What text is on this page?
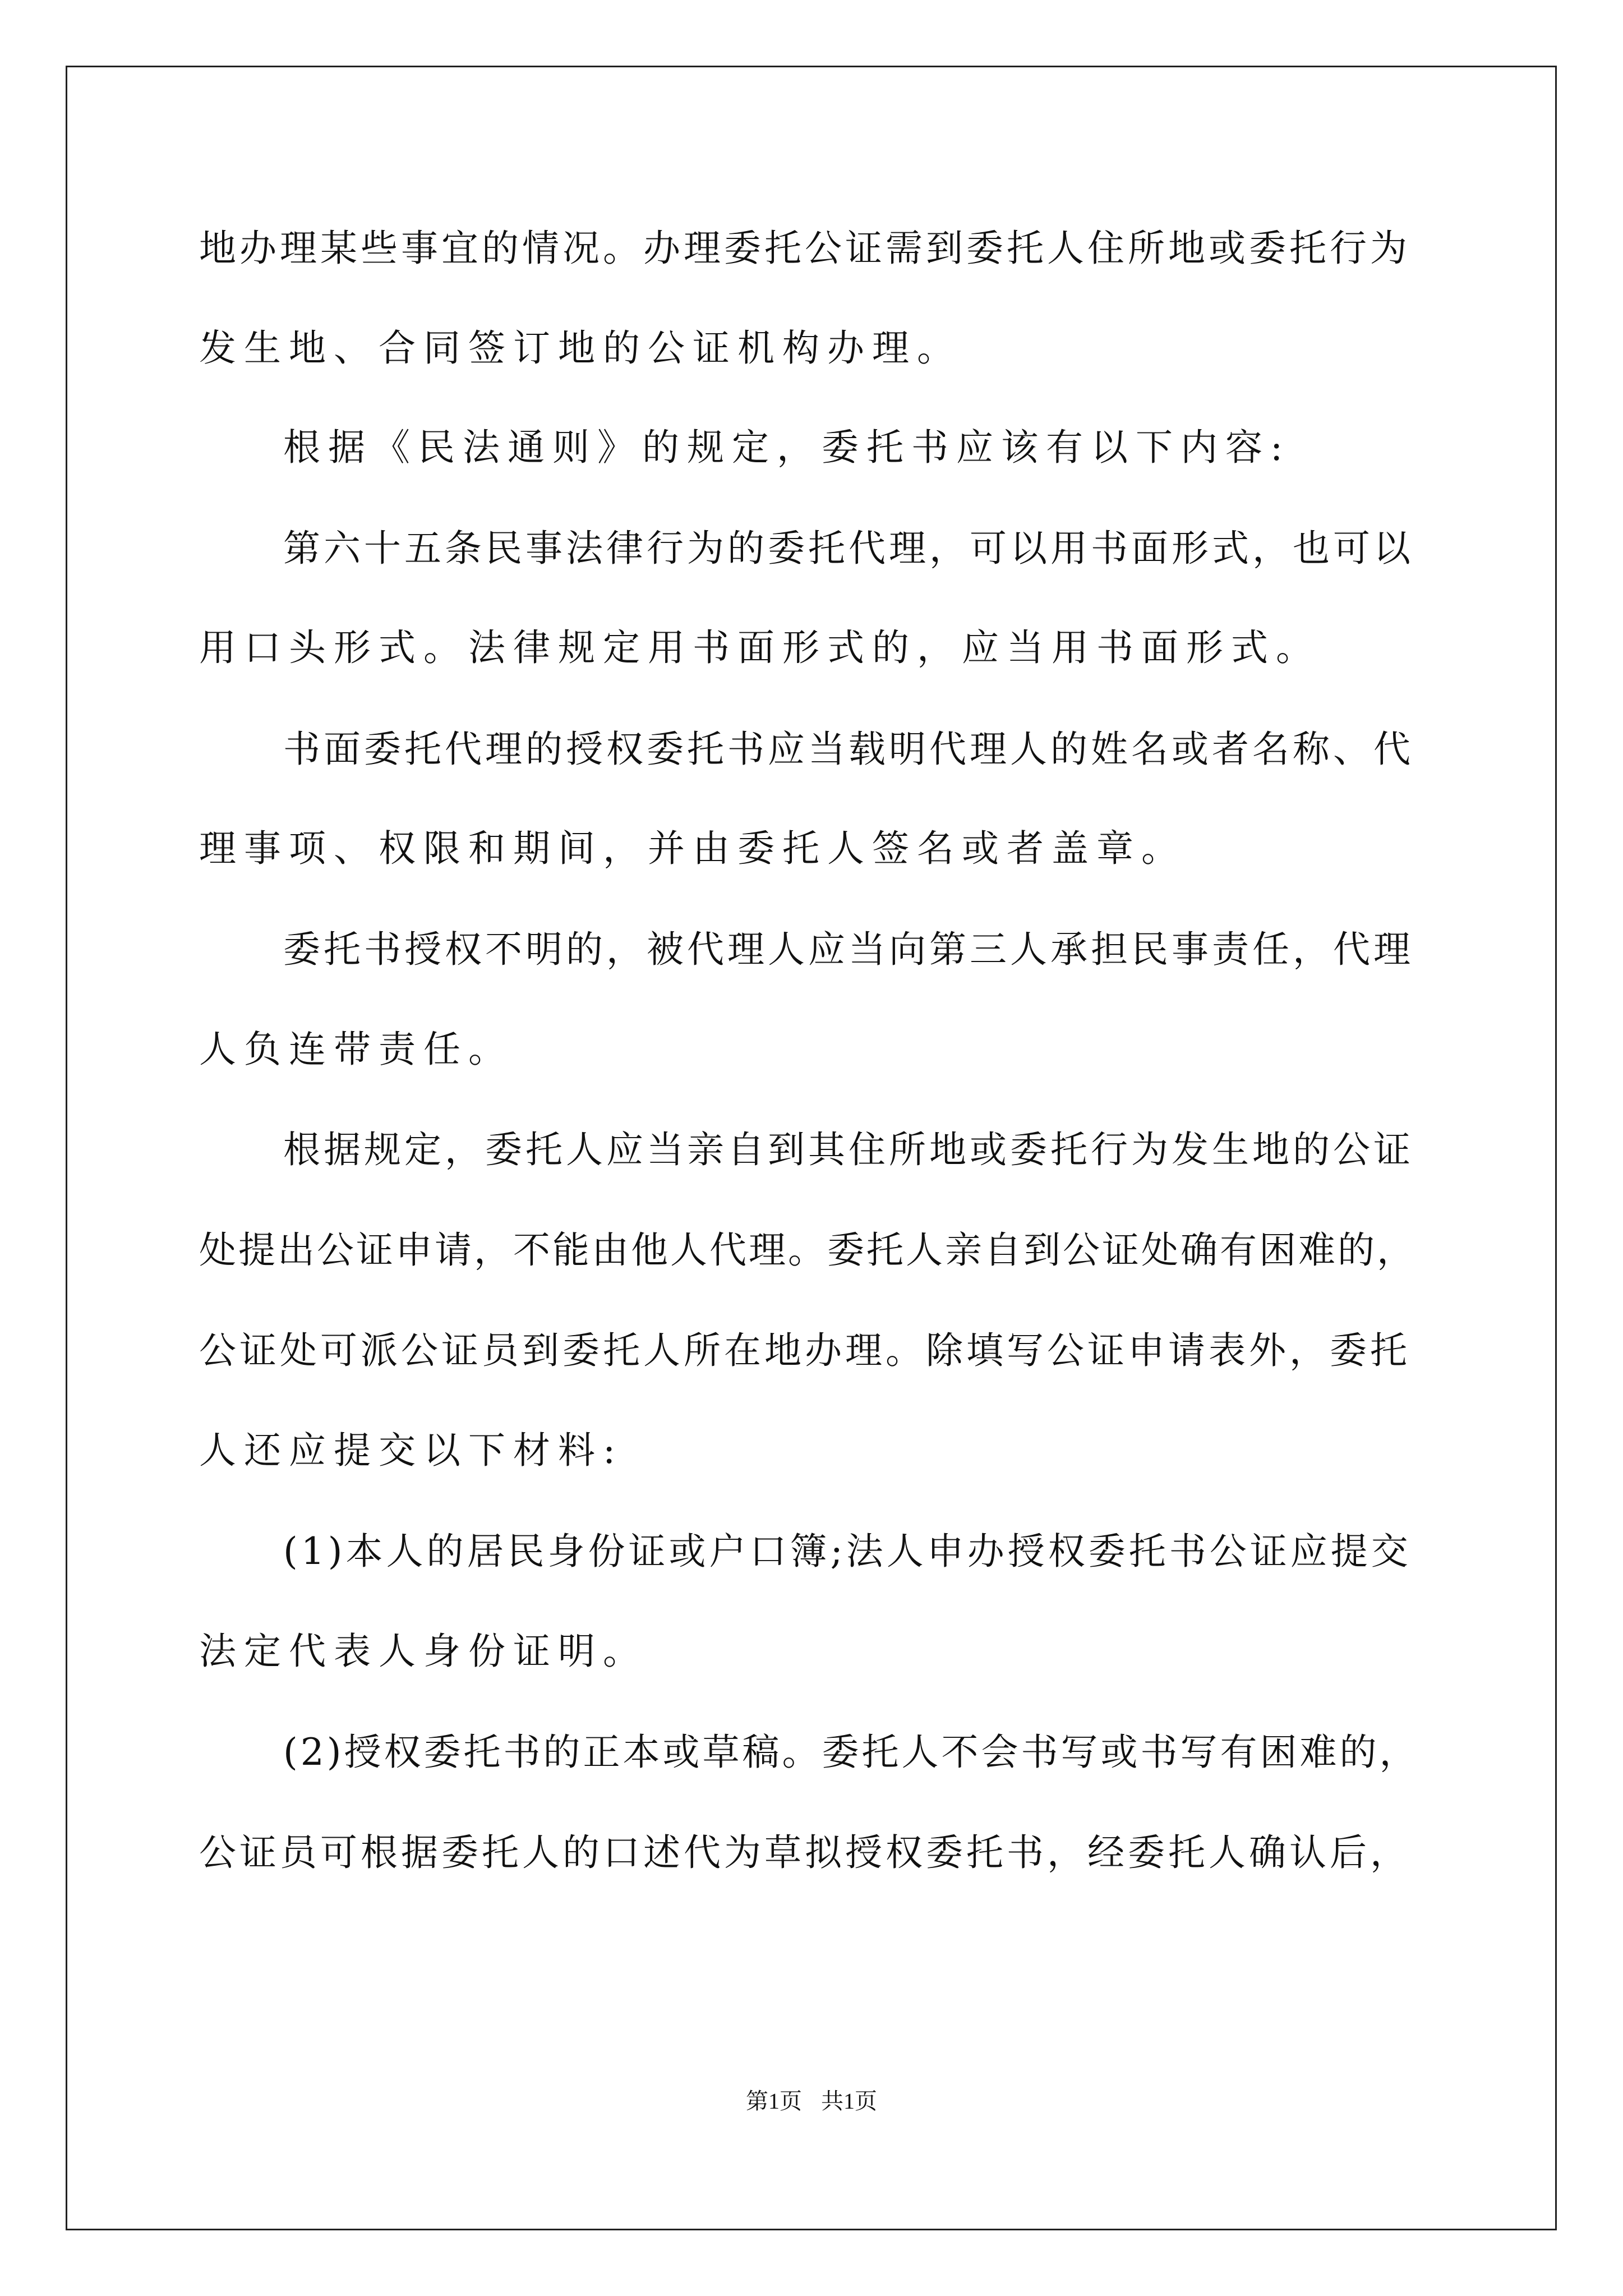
地办理某些事宜的情况。办理委托公证需到委托人住所地或委托行为
发生地、合同签订地的公证机构办理。
根据《民法通则》的规定，委托书应该有以下内容:
第六十五条民事法律行为的委托代理，可以用书面形式，也可以
用口头形式。法律规定用书面形式的，应当用书面形式。
书面委托代理的授权委托书应当载明代理人的姓名或者名称、代
理事项、权限和期间，并由委托人签名或者盖章。
委托书授权不明的，被代理人应当向第三人承担民事责任，代理
人负连带责任。
根据规定，委托人应当亲自到其住所地或委托行为发生地的公证
处提出公证申请，不能由他人代理。委托人亲自到公证处确有困难的，
公证处可派公证员到委托人所在地办理。除填写公证申请表外，委托
人还应提交以下材料:
(1)本人的居民身份证或户口簿;法人申办授权委托书公证应提交
法定代表人身份证明。
(2)授权委托书的正本或草稿。委托人不会书写或书写有困难的，
公证员可根据委托人的口述代为草拟授权委托书，经委托人确认后，
第1页 共1页
